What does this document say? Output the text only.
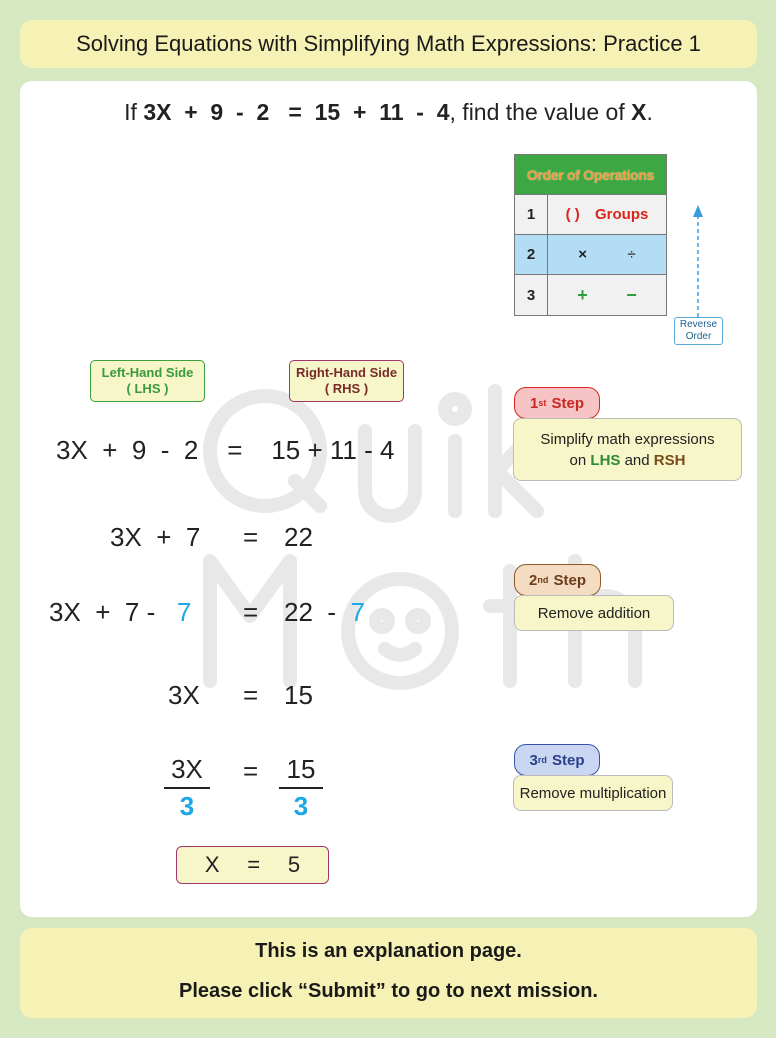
Solving Equations with Simplifying Math Expressions: Practice 1
If 3X  +  9  -  2   =  15  +  11  -  4, find the value of X.
Order of Operations
1	( ) Groups
2	×	÷
3	+ −
Reverse
Order
Left-Hand Side
( LHS )
Right-Hand Side
( RHS )
1 st
Step
Simplify math expressions
on LHS and RSH
2 nd
Step
Remove addition
3 rd
Step
Remove multiplication
3X  +  9  -  2    =    15 + 11 - 4
3X  +  7 = 22
3X  +  7 - 7 = 22  - 7
3X = 15
$\frac{3X}{3} = \frac{15}{3}$
X = 5
This is an explanation page.
Please click “Submit” to go to next mission.
